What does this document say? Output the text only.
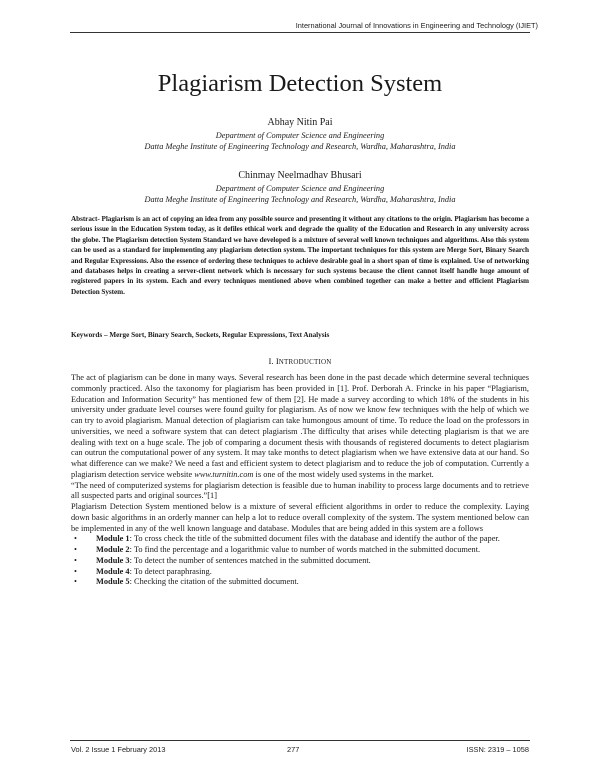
International Journal of Innovations in Engineering and Technology (IJIET)
Plagiarism Detection System
Abhay Nitin Pai
Department of Computer Science and Engineering
Datta Meghe Institute of Engineering Technology and Research, Wardha, Maharashtra, India
Chinmay Neelmadhav Bhusari
Department of Computer Science and Engineering
Datta Meghe Institute of Engineering Technology and Research, Wardha, Maharashtra, India
Abstract- Plagiarism is an act of copying an idea from any possible source and presenting it without any citations to the origin. Plagiarism has become a serious issue in the Education System today, as it defiles ethical work and degrade the quality of the Education and Research in any university across the globe. The Plagiarism detection System Standard we have developed is a mixture of several well known techniques and algorithms. Also this system can be used as a standard for implementing any plagiarism detection system. The important techniques for this system are Merge Sort, Binary Search and Regular Expressions. Also the essence of ordering these techniques to achieve desirable goal in a short span of time is explained. Use of networking and databases helps in creating a server-client network which is necessary for such systems because the client cannot itself handle huge amount of registered papers in its system. Each and every techniques mentioned above when combined together can make a better and efficient Plagiarism Detection System.
Keywords – Merge Sort, Binary Search, Sockets, Regular Expressions, Text Analysis
I. INTRODUCTION

The act of plagiarism can be done in many ways. Several research has been done in the past decade which determine several techniques commonly practiced. Also the taxonomy for plagiarism has been provided in [1]. Prof. Derborah A. Frincke in his paper “Plagiarism, Education and Information Security” has mentioned few of them [2]. He made a survey according to which 18% of the students in his university under graduate level courses were found guilty for plagiarism. As of now we know few techniques with the help of which we can try to avoid plagiarism. Manual detection of plagiarism can take humongous amount of time. To reduce the load on the professors in universities, we need a software system that can detect plagiarism .The difficulty that arises while detecting plagiarism is that we are dealing with text on a huge scale. The job of comparing a document thesis with thousands of registered documents to detect plagiarism can outrun the computational power of any system. It may take months to detect plagiarism when we have extensive data at our hand. So what difference can we make? We need a fast and efficient system to detect plagiarism and to reduce the job of computation. Currently a plagiarism detection service website www.turnitin.com is one of the most widely used systems in the market.

“The need of computerized systems for plagiarism detection is feasible due to human inability to process large documents and to retrieve all suspected parts and original sources.”[1]

Plagiarism Detection System mentioned below is a mixture of several efficient algorithms in order to reduce the complexity. Laying down basic algorithms in an orderly manner can help a lot to reduce overall complexity of the system. The system mentioned below can be implemented in any of the well known language and database. Modules that are being added in this system are a follows

• Module 1: To cross check the title of the submitted document files with the database and identify the author of the paper.
• Module 2: To find the percentage and a logarithmic value to number of words matched in the submitted document.
• Module 3: To detect the number of sentences matched in the submitted document.
• Module 4: To detect paraphrasing.
• Module 5: Checking the citation of the submitted document.
Vol. 2 Issue 1 February 2013	277	ISSN: 2319 – 1058
